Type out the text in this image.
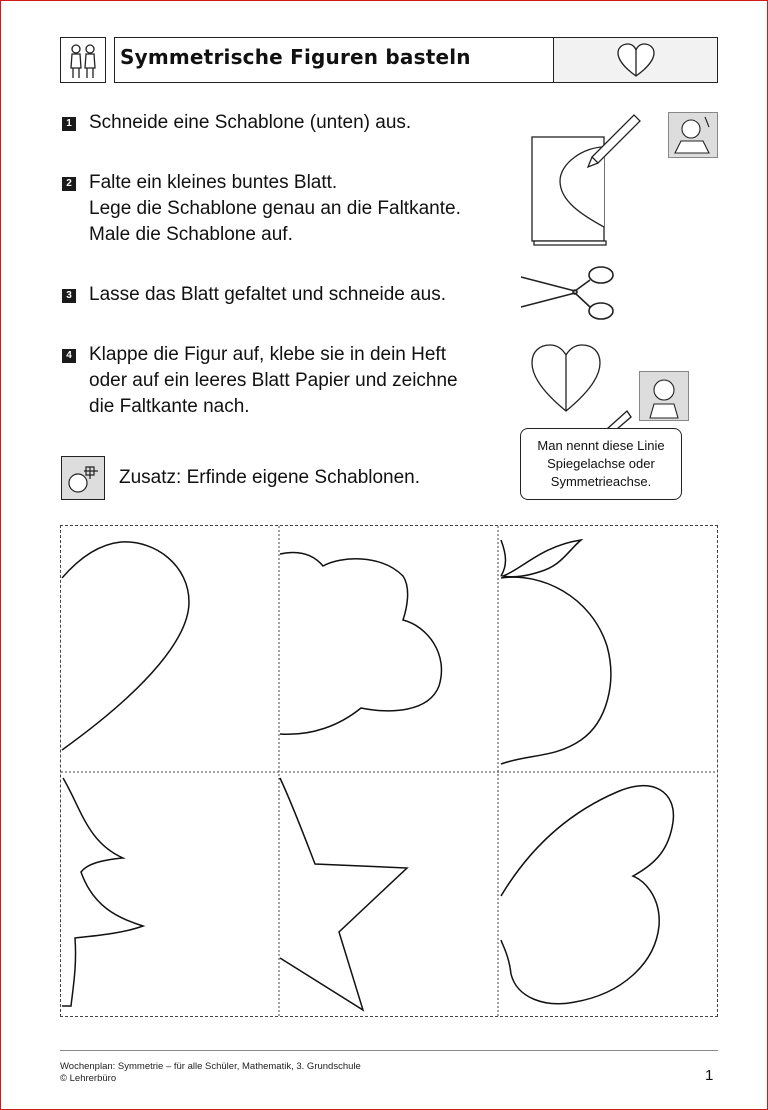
Symmetrische Figuren basteln
1 Schneide eine Schablone (unten) aus.
2 Falte ein kleines buntes Blatt.
Lege die Schablone genau an die Faltkante.
Male die Schablone auf.
3 Lasse das Blatt gefaltet und schneide aus.
4 Klappe die Figur auf, klebe sie in dein Heft
oder auf ein leeres Blatt Papier und zeichne
die Faltkante nach.
Zusatz: Erfinde eigene Schablonen.
Man nennt diese Linie
Spiegelachse oder
Symmetrieachse.
Wochenplan: Symmetrie – für alle Schüler, Mathematik, 3. Grundschule
© Lehrerbüro	1
